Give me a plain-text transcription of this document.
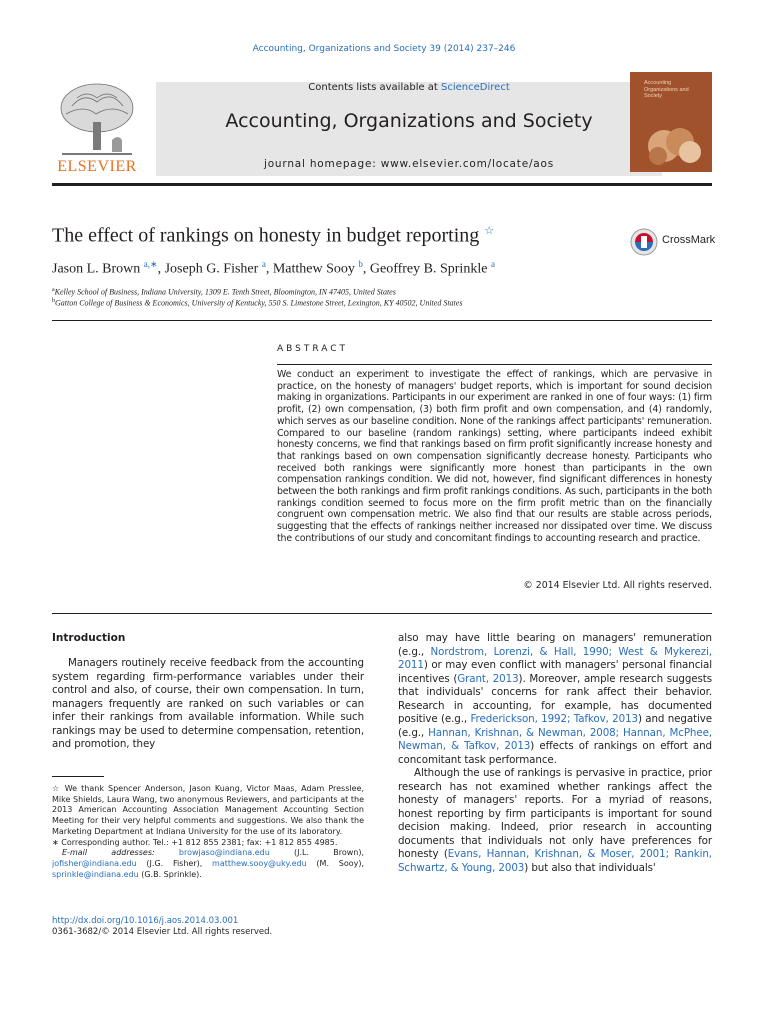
Accounting, Organizations and Society 39 (2014) 237–246
ELSEVIER
Contents lists available at ScienceDirect
Accounting, Organizations and Society
journal homepage: www.elsevier.com/locate/aos
Accounting Organizations and Society
The effect of rankings on honesty in budget reporting ☆
CrossMark
Jason L. Brown $^{a,∗}$, Joseph G. Fisher $^a$, Matthew Sooy $^b$, Geoffrey B. Sprinkle $^a$
$^a$Kelley School of Business, Indiana University, 1309 E. Tenth Street, Bloomington, IN 47405, United States
$^b$Gatton College of Business & Economics, University of Kentucky, 550 S. Limestone Street, Lexington, KY 40502, United States
ABSTRACT
We conduct an experiment to investigate the effect of rankings, which are pervasive in practice, on the honesty of managers' budget reports, which is important for sound decision making in organizations. Participants in our experiment are ranked in one of four ways: (1) firm profit, (2) own compensation, (3) both firm profit and own compensation, and (4) randomly, which serves as our baseline condition. None of the rankings affect participants' remuneration. Compared to our baseline (random rankings) setting, where participants indeed exhibit honesty concerns, we find that rankings based on firm profit significantly increase honesty and that rankings based on own compensation significantly decrease honesty. Participants who received both rankings were significantly more honest than participants in the own compensation rankings condition. We did not, however, find significant differences in honesty between the both rankings and firm profit rankings conditions. As such, participants in the both rankings condition seemed to focus more on the firm profit metric than on the financially congruent own compensation metric. We also find that our results are stable across periods, suggesting that the effects of rankings neither increased nor dissipated over time. We discuss the contributions of our study and concomitant findings to accounting research and practice.
© 2014 Elsevier Ltd. All rights reserved.
Introduction

Managers routinely receive feedback from the accounting system regarding firm-performance variables under their control and also, of course, their own compensation. In turn, managers frequently are ranked on such variables or can infer their rankings from available information. While such rankings may be used to determine compensation, retention, and promotion, they

also may have little bearing on managers' remuneration (e.g., Nordstrom, Lorenzi, & Hall, 1990; West & Mykerezi, 2011) or may even conflict with managers' personal financial incentives (Grant, 2013). Moreover, ample research suggests that individuals' concerns for rank affect their behavior. Research in accounting, for example, has documented positive (e.g., Frederickson, 1992; Tafkov, 2013) and negative (e.g., Hannan, Krishnan, & Newman, 2008; Hannan, McPhee, Newman, & Tafkov, 2013) effects of rankings on effort and concomitant task performance.

Although the use of rankings is pervasive in practice, prior research has not examined whether rankings affect the honesty of managers' reports. For a myriad of reasons, honest reporting by firm participants is important for sound decision making. Indeed, prior research in accounting documents that individuals not only have preferences for honesty (Evans, Hannan, Krishnan, & Moser, 2001; Rankin, Schwartz, & Young, 2003) but also that individuals'

☆ We thank Spencer Anderson, Jason Kuang, Victor Maas, Adam Presslee, Mike Shields, Laura Wang, two anonymous Reviewers, and participants at the 2013 American Accounting Association Management Accounting Section Meeting for their very helpful comments and suggestions. We also thank the Marketing Department at Indiana University for the use of its laboratory.

∗ Corresponding author. Tel.: +1 812 855 2381; fax: +1 812 855 4985.

E-mail addresses: browjaso@indiana.edu (J.L. Brown), jofisher@indiana.edu (J.G. Fisher), matthew.sooy@uky.edu (M. Sooy), sprinkle@indiana.edu (G.B. Sprinkle).

http://dx.doi.org/10.1016/j.aos.2014.03.001
0361-3682/© 2014 Elsevier Ltd. All rights reserved.
